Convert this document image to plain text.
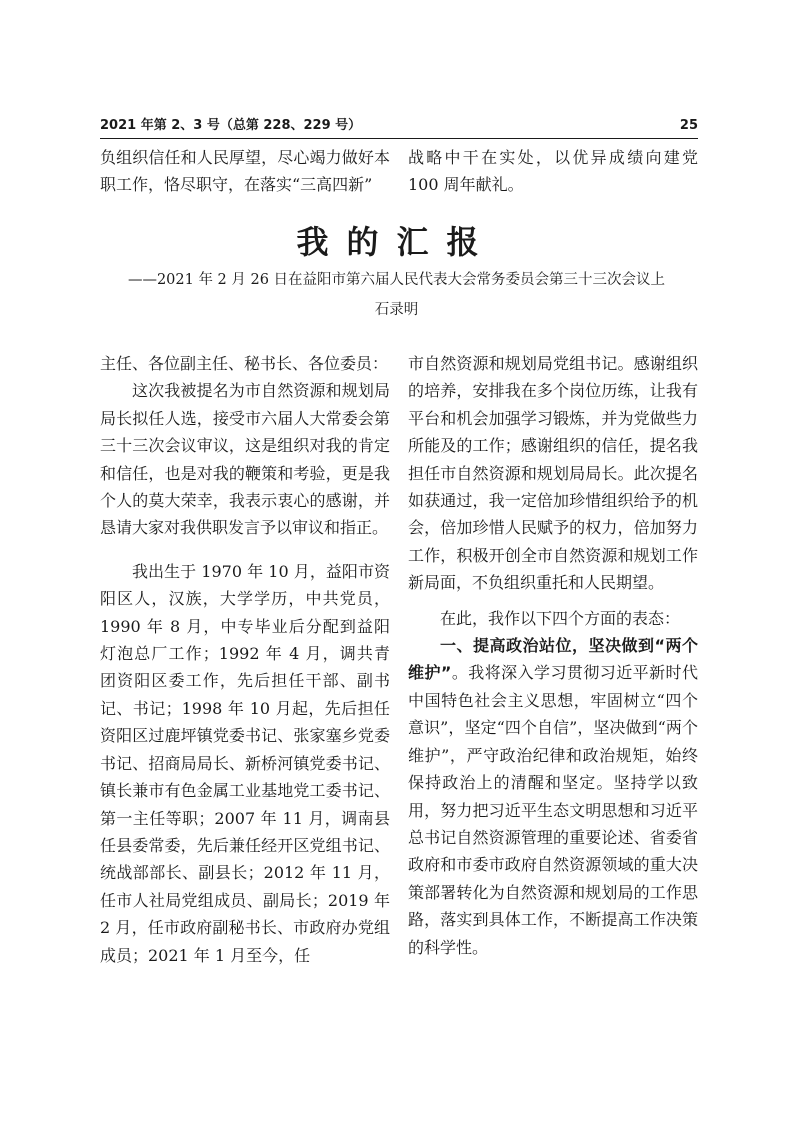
2021 年第 2、3 号（总第 228、229 号）	25

负组织信任和人民厚望，尽心竭力做好本职工作，恪尽职守，在落实“三高四新”

战略中干在实处，以优异成绩向建党 100 周年献礼。

我的汇报
——2021 年 2 月 26 日在益阳市第六届人民代表大会常务委员会第三十三次会议上
石录明

主任、各位副主任、秘书长、各位委员：

这次我被提名为市自然资源和规划局局长拟任人选，接受市六届人大常委会第三十三次会议审议，这是组织对我的肯定和信任，也是对我的鞭策和考验，更是我个人的莫大荣幸，我表示衷心的感谢，并恳请大家对我供职发言予以审议和指正。

我出生于 1970 年 10 月，益阳市资阳区人，汉族，大学学历，中共党员，1990 年 8 月，中专毕业后分配到益阳灯泡总厂工作；1992 年 4 月，调共青团资阳区委工作，先后担任干部、副书记、书记；1998 年 10 月起，先后担任资阳区过鹿坪镇党委书记、张家塞乡党委书记、招商局局长、新桥河镇党委书记、镇长兼市有色金属工业基地党工委书记、第一主任等职；2007 年 11 月，调南县任县委常委，先后兼任经开区党组书记、统战部部长、副县长；2012 年 11 月，任市人社局党组成员、副局长；2019 年 2 月，任市政府副秘书长、市政府办党组成员；2021 年 1 月至今，任

市自然资源和规划局党组书记。感谢组织的培养，安排我在多个岗位历练，让我有平台和机会加强学习锻炼，并为党做些力所能及的工作；感谢组织的信任，提名我担任市自然资源和规划局局长。此次提名如获通过，我一定倍加珍惜组织给予的机会，倍加珍惜人民赋予的权力，倍加努力工作，积极开创全市自然资源和规划工作新局面，不负组织重托和人民期望。

在此，我作以下四个方面的表态：

一、提高政治站位，坚决做到“两个维护”。我将深入学习贯彻习近平新时代中国特色社会主义思想，牢固树立“四个意识”，坚定“四个自信”，坚决做到“两个维护”，严守政治纪律和政治规矩，始终保持政治上的清醒和坚定。坚持学以致用，努力把习近平生态文明思想和习近平总书记自然资源管理的重要论述、省委省政府和市委市政府自然资源领域的重大决策部署转化为自然资源和规划局的工作思路，落实到具体工作，不断提高工作决策的科学性。
